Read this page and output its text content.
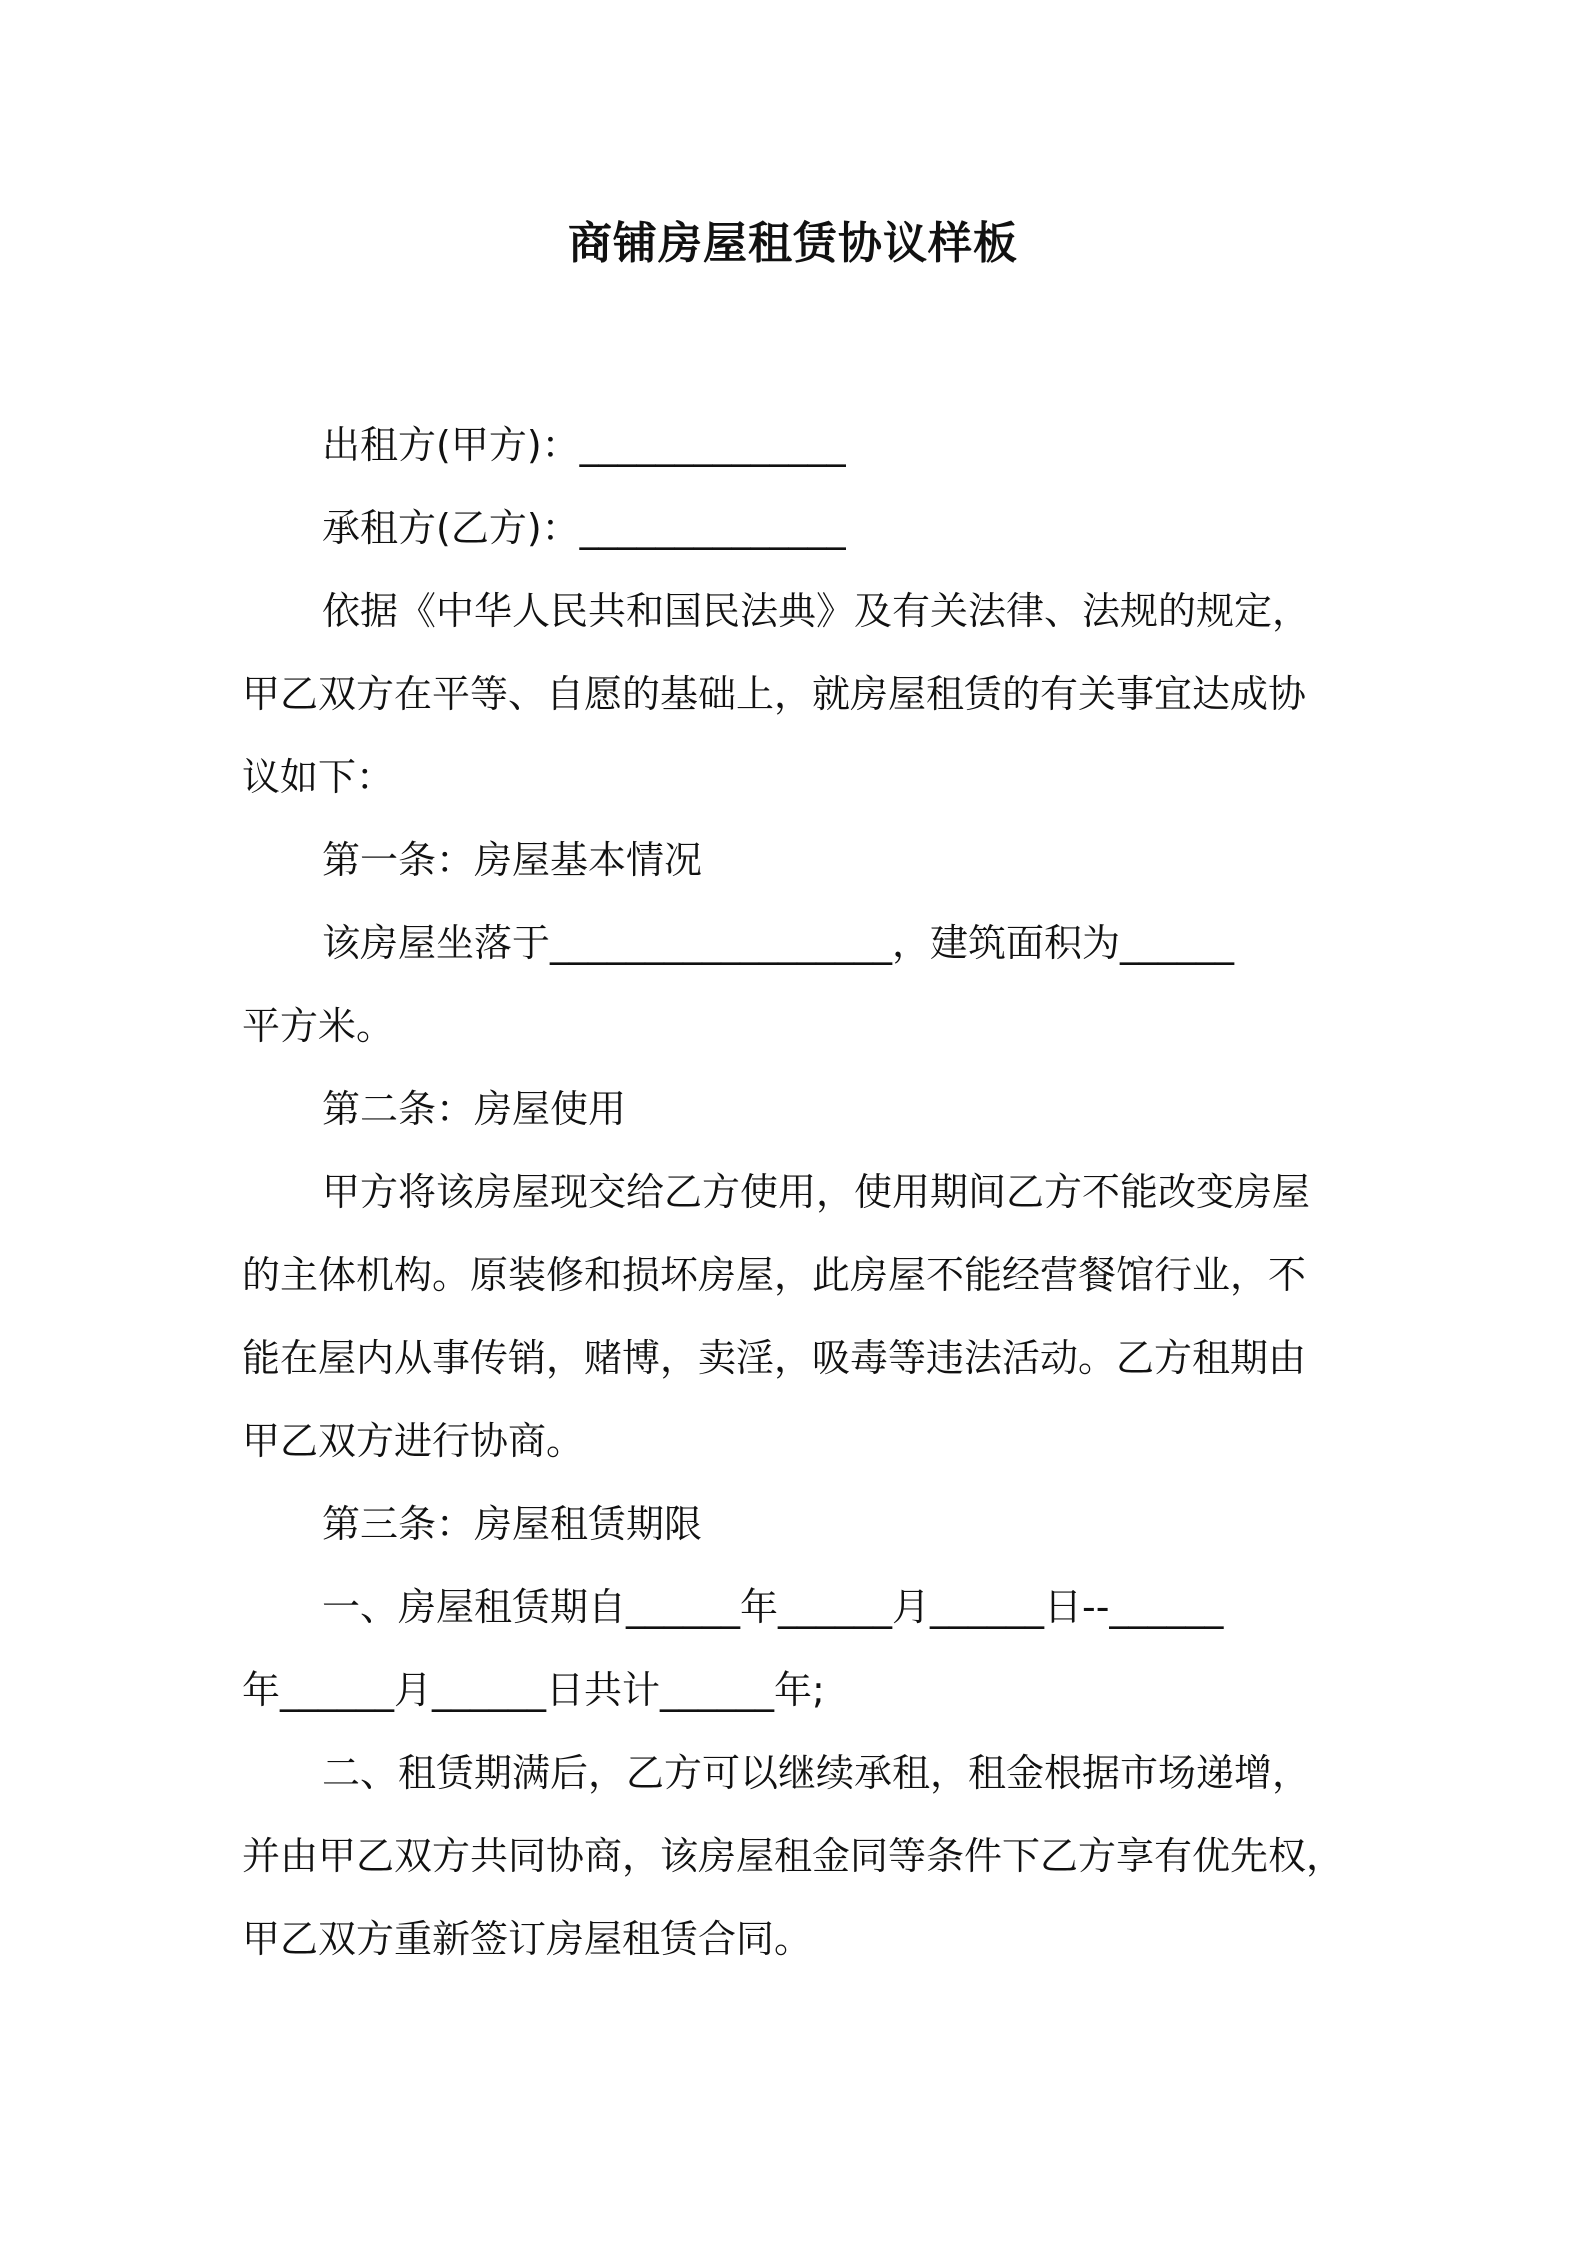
商铺房屋租赁协议样板

出租方(甲方)：______________

承租方(乙方)：______________

依据《中华人民共和国民法典》及有关法律、法规的规定，

甲乙双方在平等、自愿的基础上，就房屋租赁的有关事宜达成协

议如下：

第一条：房屋基本情况

该房屋坐落于__________________，建筑面积为______

平方米。

第二条：房屋使用

甲方将该房屋现交给乙方使用，使用期间乙方不能改变房屋

的主体机构。原装修和损坏房屋，此房屋不能经营餐馆行业，不

能在屋内从事传销，赌博，卖淫，吸毒等违法活动。乙方租期由

甲乙双方进行协商。

第三条：房屋租赁期限

一、房屋租赁期自______年______月______日--______

年______月______日共计______年;

二、租赁期满后，乙方可以继续承租，租金根据市场递增，

并由甲乙双方共同协商，该房屋租金同等条件下乙方享有优先权，

甲乙双方重新签订房屋租赁合同。
